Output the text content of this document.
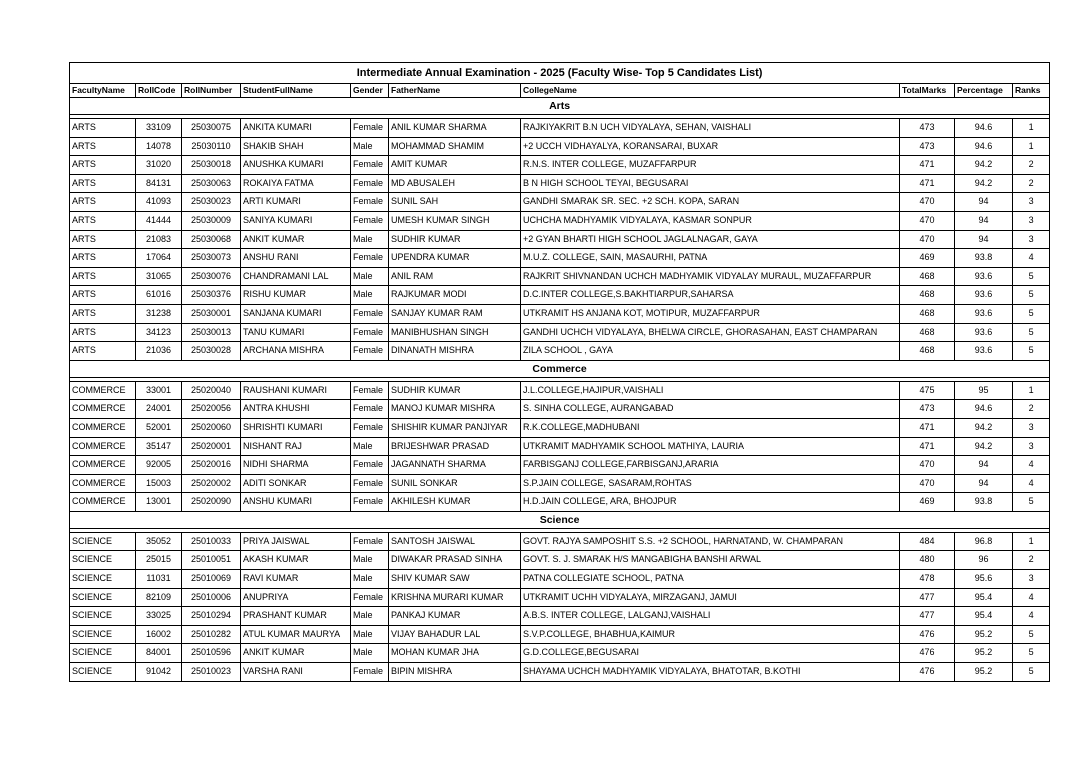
Intermediate Annual Examination - 2025 (Faculty Wise- Top 5 Candidates List)									
FacultyName	RollCode	RollNumber	StudentFullName	Gender	FatherName	CollegeName	TotalMarks	Percentage	Ranks
Arts									

ARTS	33109	25030075	ANKITA KUMARI	Female	ANIL KUMAR SHARMA	RAJKIYAKRIT B.N UCH VIDYALAYA, SEHAN, VAISHALI	473	94.6	1
ARTS	14078	25030110	SHAKIB SHAH	Male	MOHAMMAD SHAMIM	+2 UCCH VIDHAYALYA, KORANSARAI, BUXAR	473	94.6	1
ARTS	31020	25030018	ANUSHKA KUMARI	Female	AMIT KUMAR	R.N.S. INTER COLLEGE, MUZAFFARPUR	471	94.2	2
ARTS	84131	25030063	ROKAIYA FATMA	Female	MD ABUSALEH	B N HIGH SCHOOL TEYAI, BEGUSARAI	471	94.2	2
ARTS	41093	25030023	ARTI KUMARI	Female	SUNIL SAH	GANDHI SMARAK SR. SEC. +2 SCH. KOPA, SARAN	470	94	3
ARTS	41444	25030009	SANIYA KUMARI	Female	UMESH KUMAR SINGH	UCHCHA MADHYAMIK VIDYALAYA, KASMAR SONPUR	470	94	3
ARTS	21083	25030068	ANKIT KUMAR	Male	SUDHIR KUMAR	+2 GYAN BHARTI HIGH SCHOOL JAGLALNAGAR, GAYA	470	94	3
ARTS	17064	25030073	ANSHU RANI	Female	UPENDRA KUMAR	M.U.Z. COLLEGE, SAIN, MASAURHI, PATNA	469	93.8	4
ARTS	31065	25030076	CHANDRAMANI LAL	Male	ANIL RAM	RAJKRIT SHIVNANDAN UCHCH MADHYAMIK VIDYALAY MURAUL, MUZAFFARPUR	468	93.6	5
ARTS	61016	25030376	RISHU KUMAR	Male	RAJKUMAR MODI	D.C.INTER COLLEGE,S.BAKHTIARPUR,SAHARSA	468	93.6	5
ARTS	31238	25030001	SANJANA KUMARI	Female	SANJAY KUMAR RAM	UTKRAMIT HS ANJANA KOT, MOTIPUR, MUZAFFARPUR	468	93.6	5
ARTS	34123	25030013	TANU KUMARI	Female	MANIBHUSHAN SINGH	GANDHI UCHCH VIDYALAYA, BHELWA CIRCLE, GHORASAHAN, EAST CHAMPARAN	468	93.6	5
ARTS	21036	25030028	ARCHANA MISHRA	Female	DINANATH MISHRA	ZILA SCHOOL , GAYA	468	93.6	5
Commerce									

COMMERCE	33001	25020040	RAUSHANI KUMARI	Female	SUDHIR KUMAR	J.L.COLLEGE,HAJIPUR,VAISHALI	475	95	1
COMMERCE	24001	25020056	ANTRA KHUSHI	Female	MANOJ KUMAR MISHRA	S. SINHA COLLEGE, AURANGABAD	473	94.6	2
COMMERCE	52001	25020060	SHRISHTI KUMARI	Female	SHISHIR KUMAR PANJIYAR	R.K.COLLEGE,MADHUBANI	471	94.2	3
COMMERCE	35147	25020001	NISHANT RAJ	Male	BRIJESHWAR PRASAD	UTKRAMIT MADHYAMIK SCHOOL MATHIYA, LAURIA	471	94.2	3
COMMERCE	92005	25020016	NIDHI SHARMA	Female	JAGANNATH SHARMA	FARBISGANJ COLLEGE,FARBISGANJ,ARARIA	470	94	4
COMMERCE	15003	25020002	ADITI SONKAR	Female	SUNIL SONKAR	S.P.JAIN COLLEGE, SASARAM,ROHTAS	470	94	4
COMMERCE	13001	25020090	ANSHU KUMARI	Female	AKHILESH KUMAR	H.D.JAIN COLLEGE, ARA, BHOJPUR	469	93.8	5
Science									

SCIENCE	35052	25010033	PRIYA JAISWAL	Female	SANTOSH JAISWAL	GOVT. RAJYA SAMPOSHIT S.S. +2 SCHOOL, HARNATAND, W. CHAMPARAN	484	96.8	1
SCIENCE	25015	25010051	AKASH KUMAR	Male	DIWAKAR PRASAD SINHA	GOVT. S. J. SMARAK H/S MANGABIGHA BANSHI ARWAL	480	96	2
SCIENCE	11031	25010069	RAVI KUMAR	Male	SHIV KUMAR SAW	PATNA COLLEGIATE SCHOOL, PATNA	478	95.6	3
SCIENCE	82109	25010006	ANUPRIYA	Female	KRISHNA MURARI KUMAR	UTKRAMIT UCHH VIDYALAYA, MIRZAGANJ, JAMUI	477	95.4	4
SCIENCE	33025	25010294	PRASHANT KUMAR	Male	PANKAJ KUMAR	A.B.S. INTER COLLEGE, LALGANJ,VAISHALI	477	95.4	4
SCIENCE	16002	25010282	ATUL KUMAR MAURYA	Male	VIJAY BAHADUR LAL	S.V.P.COLLEGE, BHABHUA,KAIMUR	476	95.2	5
SCIENCE	84001	25010596	ANKIT KUMAR	Male	MOHAN KUMAR JHA	G.D.COLLEGE,BEGUSARAI	476	95.2	5
SCIENCE	91042	25010023	VARSHA RANI	Female	BIPIN MISHRA	SHAYAMA UCHCH MADHYAMIK VIDYALAYA, BHATOTAR, B.KOTHI	476	95.2	5
